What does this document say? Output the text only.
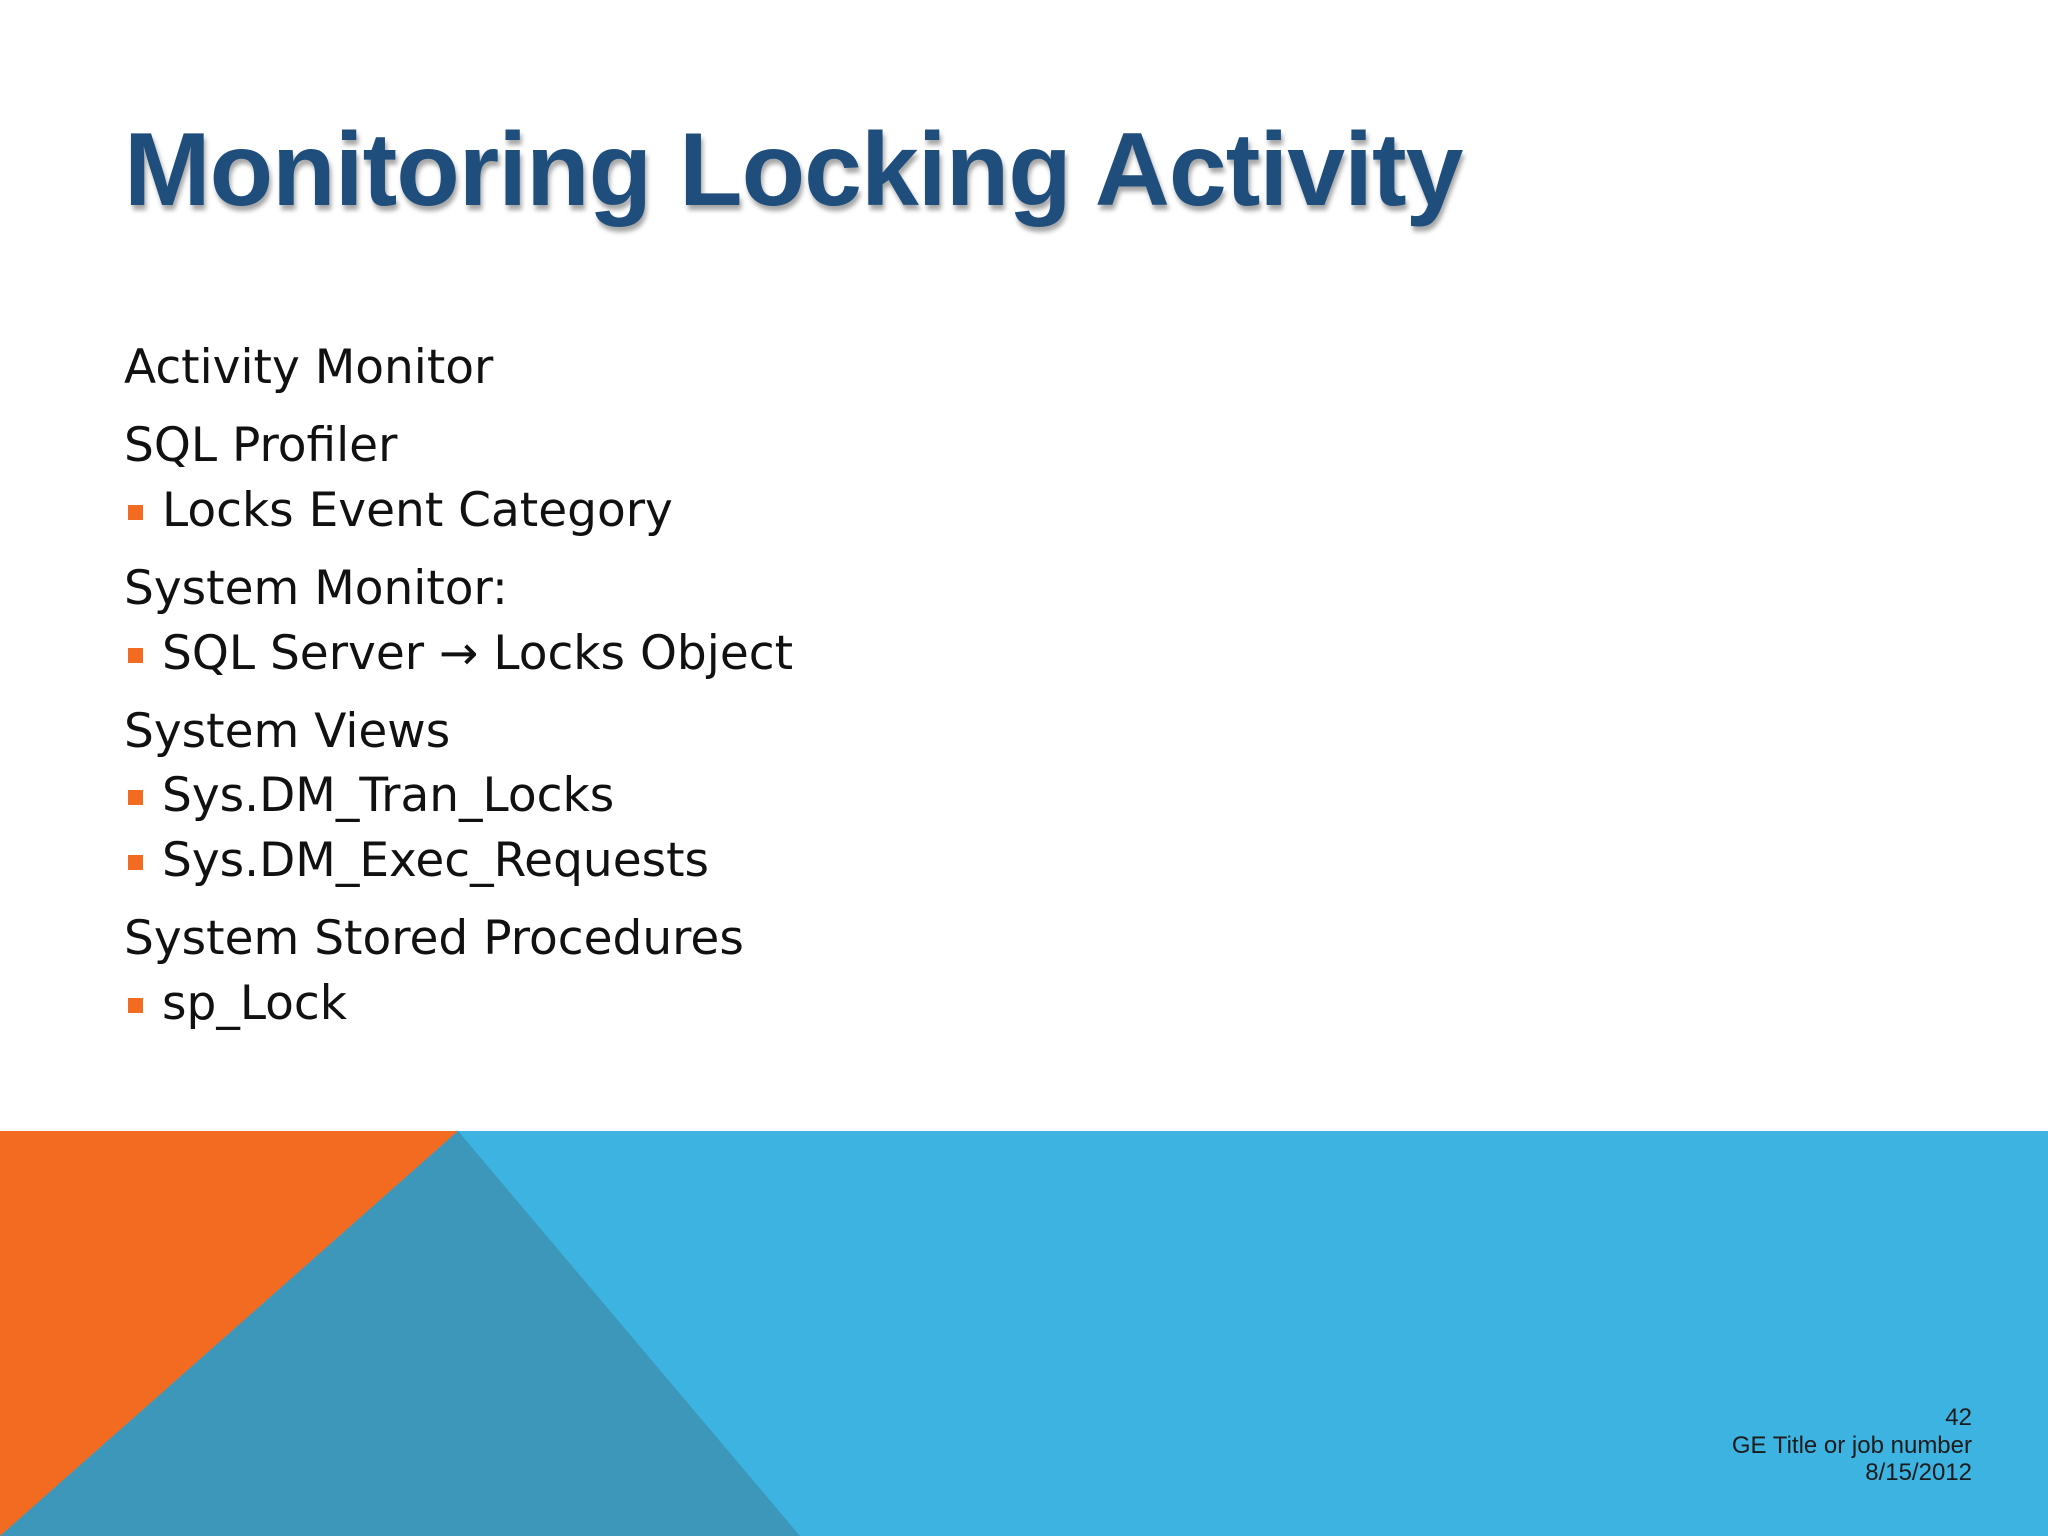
Monitoring Locking Activity
Activity Monitor
SQL Profiler
Locks Event Category
System Monitor:
SQL Server → Locks Object
System Views
Sys.DM_Tran_Locks
Sys.DM_Exec_Requests
System Stored Procedures
sp_Lock
42
GE Title or job number
8/15/2012
